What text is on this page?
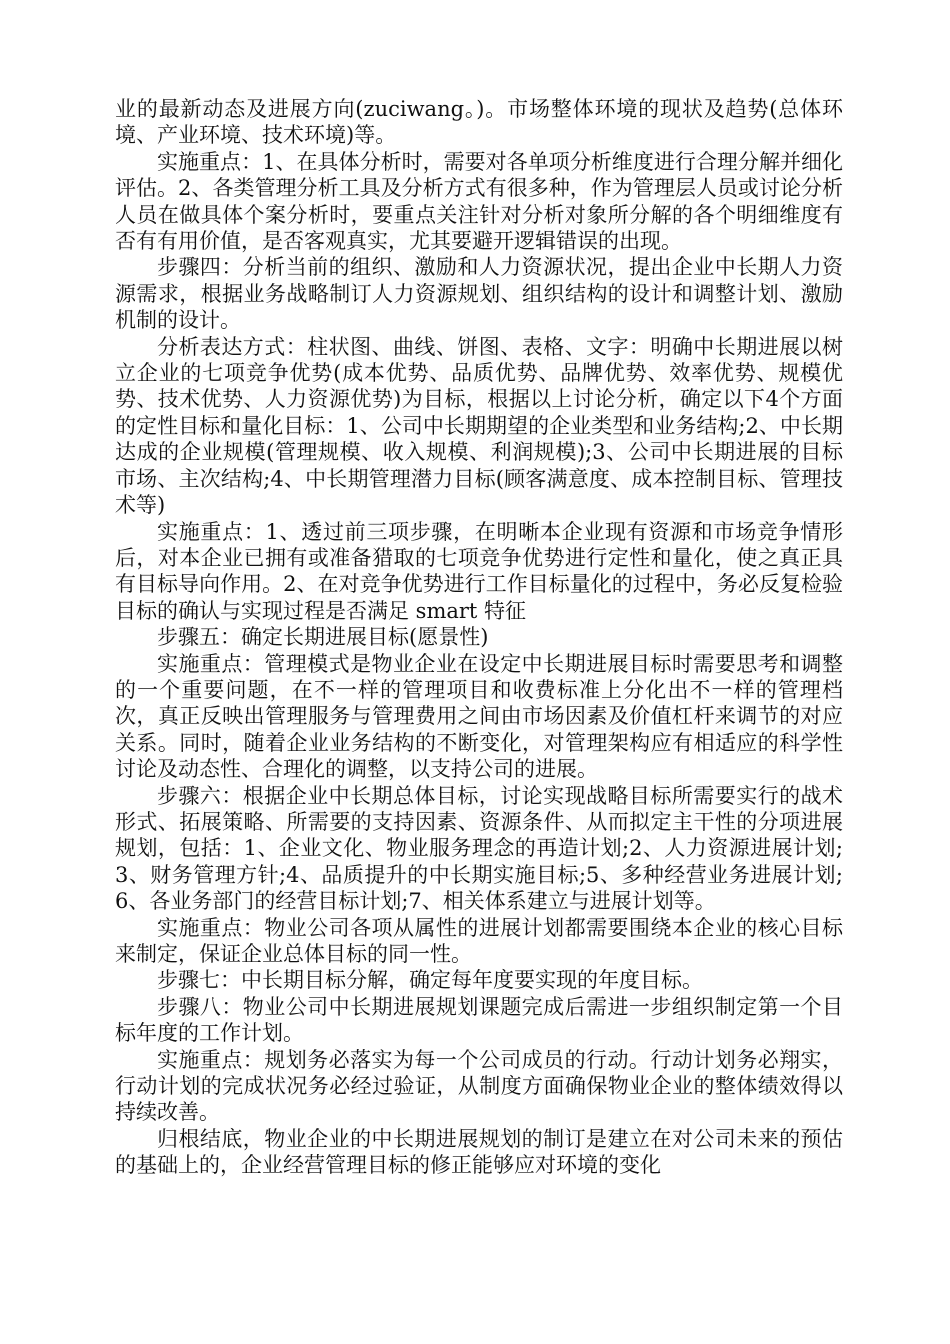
业的最新动态及进展方向(zuciwang。)。市场整体环境的现状及趋势(总体环境、产业环境、技术环境)等。

实施重点：1、在具体分析时，需要对各单项分析维度进行合理分解并细化评估。2、各类管理分析工具及分析方式有很多种，作为管理层人员或讨论分析人员在做具体个案分析时，要重点关注针对分析对象所分解的各个明细维度有否有有用价值，是否客观真实，尤其要避开逻辑错误的出现。

步骤四：分析当前的组织、激励和人力资源状况，提出企业中长期人力资源需求，根据业务战略制订人力资源规划、组织结构的设计和调整计划、激励机制的设计。

分析表达方式：柱状图、曲线、饼图、表格、文字：明确中长期进展以树立企业的七项竞争优势(成本优势、品质优势、品牌优势、效率优势、规模优势、技术优势、人力资源优势)为目标，根据以上讨论分析，确定以下4个方面的定性目标和量化目标：1、公司中长期期望的企业类型和业务结构;2、中长期达成的企业规模(管理规模、收入规模、利润规模);3、公司中长期进展的目标市场、主次结构;4、中长期管理潜力目标(顾客满意度、成本控制目标、管理技术等)

实施重点：1、透过前三项步骤，在明晰本企业现有资源和市场竞争情形后，对本企业已拥有或准备猎取的七项竞争优势进行定性和量化，使之真正具有目标导向作用。2、在对竞争优势进行工作目标量化的过程中，务必反复检验目标的确认与实现过程是否满足 smart 特征

步骤五：确定长期进展目标(愿景性)

实施重点：管理模式是物业企业在设定中长期进展目标时需要思考和调整的一个重要问题，在不一样的管理项目和收费标准上分化出不一样的管理档次，真正反映出管理服务与管理费用之间由市场因素及价值杠杆来调节的对应关系。同时，随着企业业务结构的不断变化，对管理架构应有相适应的科学性讨论及动态性、合理化的调整，以支持公司的进展。

步骤六：根据企业中长期总体目标，讨论实现战略目标所需要实行的战术形式、拓展策略、所需要的支持因素、资源条件、从而拟定主干性的分项进展规划，包括：1、企业文化、物业服务理念的再造计划;2、人力资源进展计划;3、财务管理方针;4、品质提升的中长期实施目标;5、多种经营业务进展计划;6、各业务部门的经营目标计划;7、相关体系建立与进展计划等。

实施重点：物业公司各项从属性的进展计划都需要围绕本企业的核心目标来制定，保证企业总体目标的同一性。

步骤七：中长期目标分解，确定每年度要实现的年度目标。

步骤八：物业公司中长期进展规划课题完成后需进一步组织制定第一个目标年度的工作计划。

实施重点：规划务必落实为每一个公司成员的行动。行动计划务必翔实，行动计划的完成状况务必经过验证，从制度方面确保物业企业的整体绩效得以持续改善。

归根结底，物业企业的中长期进展规划的制订是建立在对公司未来的预估的基础上的，企业经营管理目标的修正能够应对环境的变化
